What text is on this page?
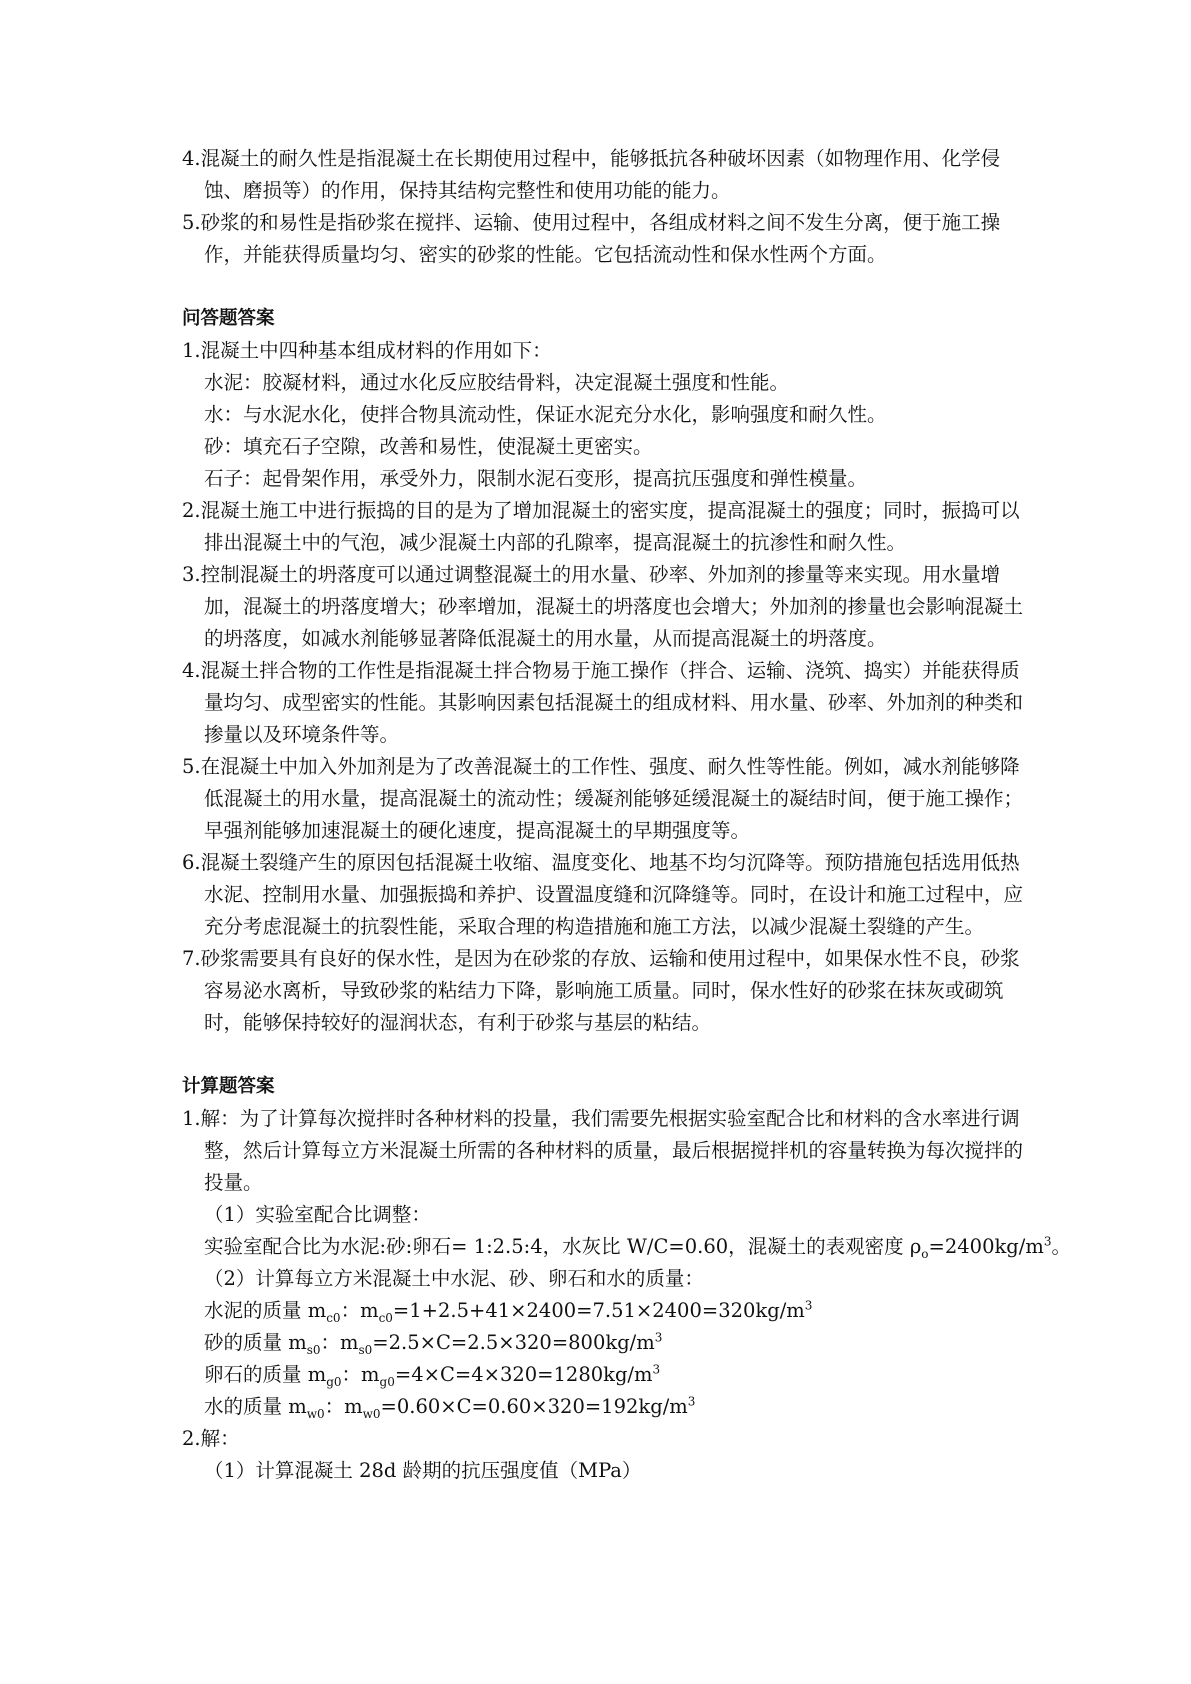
4.混凝土的耐久性是指混凝土在长期使用过程中，能够抵抗各种破坏因素（如物理作用、化学侵蚀、磨损等）的作用，保持其结构完整性和使用功能的能力。

5.砂浆的和易性是指砂浆在搅拌、运输、使用过程中，各组成材料之间不发生分离，便于施工操作，并能获得质量均匀、密实的砂浆的性能。它包括流动性和保水性两个方面。

问答题答案

1.混凝土中四种基本组成材料的作用如下：

水泥：胶凝材料，通过水化反应胶结骨料，决定混凝土强度和性能。

水：与水泥水化，使拌合物具流动性，保证水泥充分水化，影响强度和耐久性。

砂：填充石子空隙，改善和易性，使混凝土更密实。

石子：起骨架作用，承受外力，限制水泥石变形，提高抗压强度和弹性模量。

2.混凝土施工中进行振捣的目的是为了增加混凝土的密实度，提高混凝土的强度；同时，振捣可以排出混凝土中的气泡，减少混凝土内部的孔隙率，提高混凝土的抗渗性和耐久性。

3.控制混凝土的坍落度可以通过调整混凝土的用水量、砂率、外加剂的掺量等来实现。用水量增加，混凝土的坍落度增大；砂率增加，混凝土的坍落度也会增大；外加剂的掺量也会影响混凝土的坍落度，如减水剂能够显著降低混凝土的用水量，从而提高混凝土的坍落度。

4.混凝土拌合物的工作性是指混凝土拌合物易于施工操作（拌合、运输、浇筑、捣实）并能获得质量均匀、成型密实的性能。其影响因素包括混凝土的组成材料、用水量、砂率、外加剂的种类和掺量以及环境条件等。

5.在混凝土中加入外加剂是为了改善混凝土的工作性、强度、耐久性等性能。例如，减水剂能够降低混凝土的用水量，提高混凝土的流动性；缓凝剂能够延缓混凝土的凝结时间，便于施工操作；早强剂能够加速混凝土的硬化速度，提高混凝土的早期强度等。

6.混凝土裂缝产生的原因包括混凝土收缩、温度变化、地基不均匀沉降等。预防措施包括选用低热水泥、控制用水量、加强振捣和养护、设置温度缝和沉降缝等。同时，在设计和施工过程中，应充分考虑混凝土的抗裂性能，采取合理的构造措施和施工方法，以减少混凝土裂缝的产生。

7.砂浆需要具有良好的保水性，是因为在砂浆的存放、运输和使用过程中，如果保水性不良，砂浆容易泌水离析，导致砂浆的粘结力下降，影响施工质量。同时，保水性好的砂浆在抹灰或砌筑时，能够保持较好的湿润状态，有利于砂浆与基层的粘结。

计算题答案

1.解：为了计算每次搅拌时各种材料的投量，我们需要先根据实验室配合比和材料的含水率进行调整，然后计算每立方米混凝土所需的各种材料的质量，最后根据搅拌机的容量转换为每次搅拌的投量。

（1）实验室配合比调整：

实验室配合比为水泥:砂:卵石= 1:2.5:4，水灰比 W/C=0.60，混凝土的表观密度 $\rho_o=2400kg/m^3$。

（2）计算每立方米混凝土中水泥、砂、卵石和水的质量：

水泥的质量 $m_{c0}$：$m_{c0}=1+2.5+41\times 2400=7.51\times 2400=320kg/m^3$

砂的质量 $m_{s0}$：$m_{s0}=2.5\times C=2.5\times 320=800kg/m^3$

卵石的质量 $m_{g0}$：$m_{g0}=4\times C=4\times 320=1280kg/m^3$

水的质量 $m_{w0}$：$m_{w0}=0.60\times C=0.60\times 320=192kg/m^3$

2.解：

（1）计算混凝土 28d 龄期的抗压强度值（MPa）
